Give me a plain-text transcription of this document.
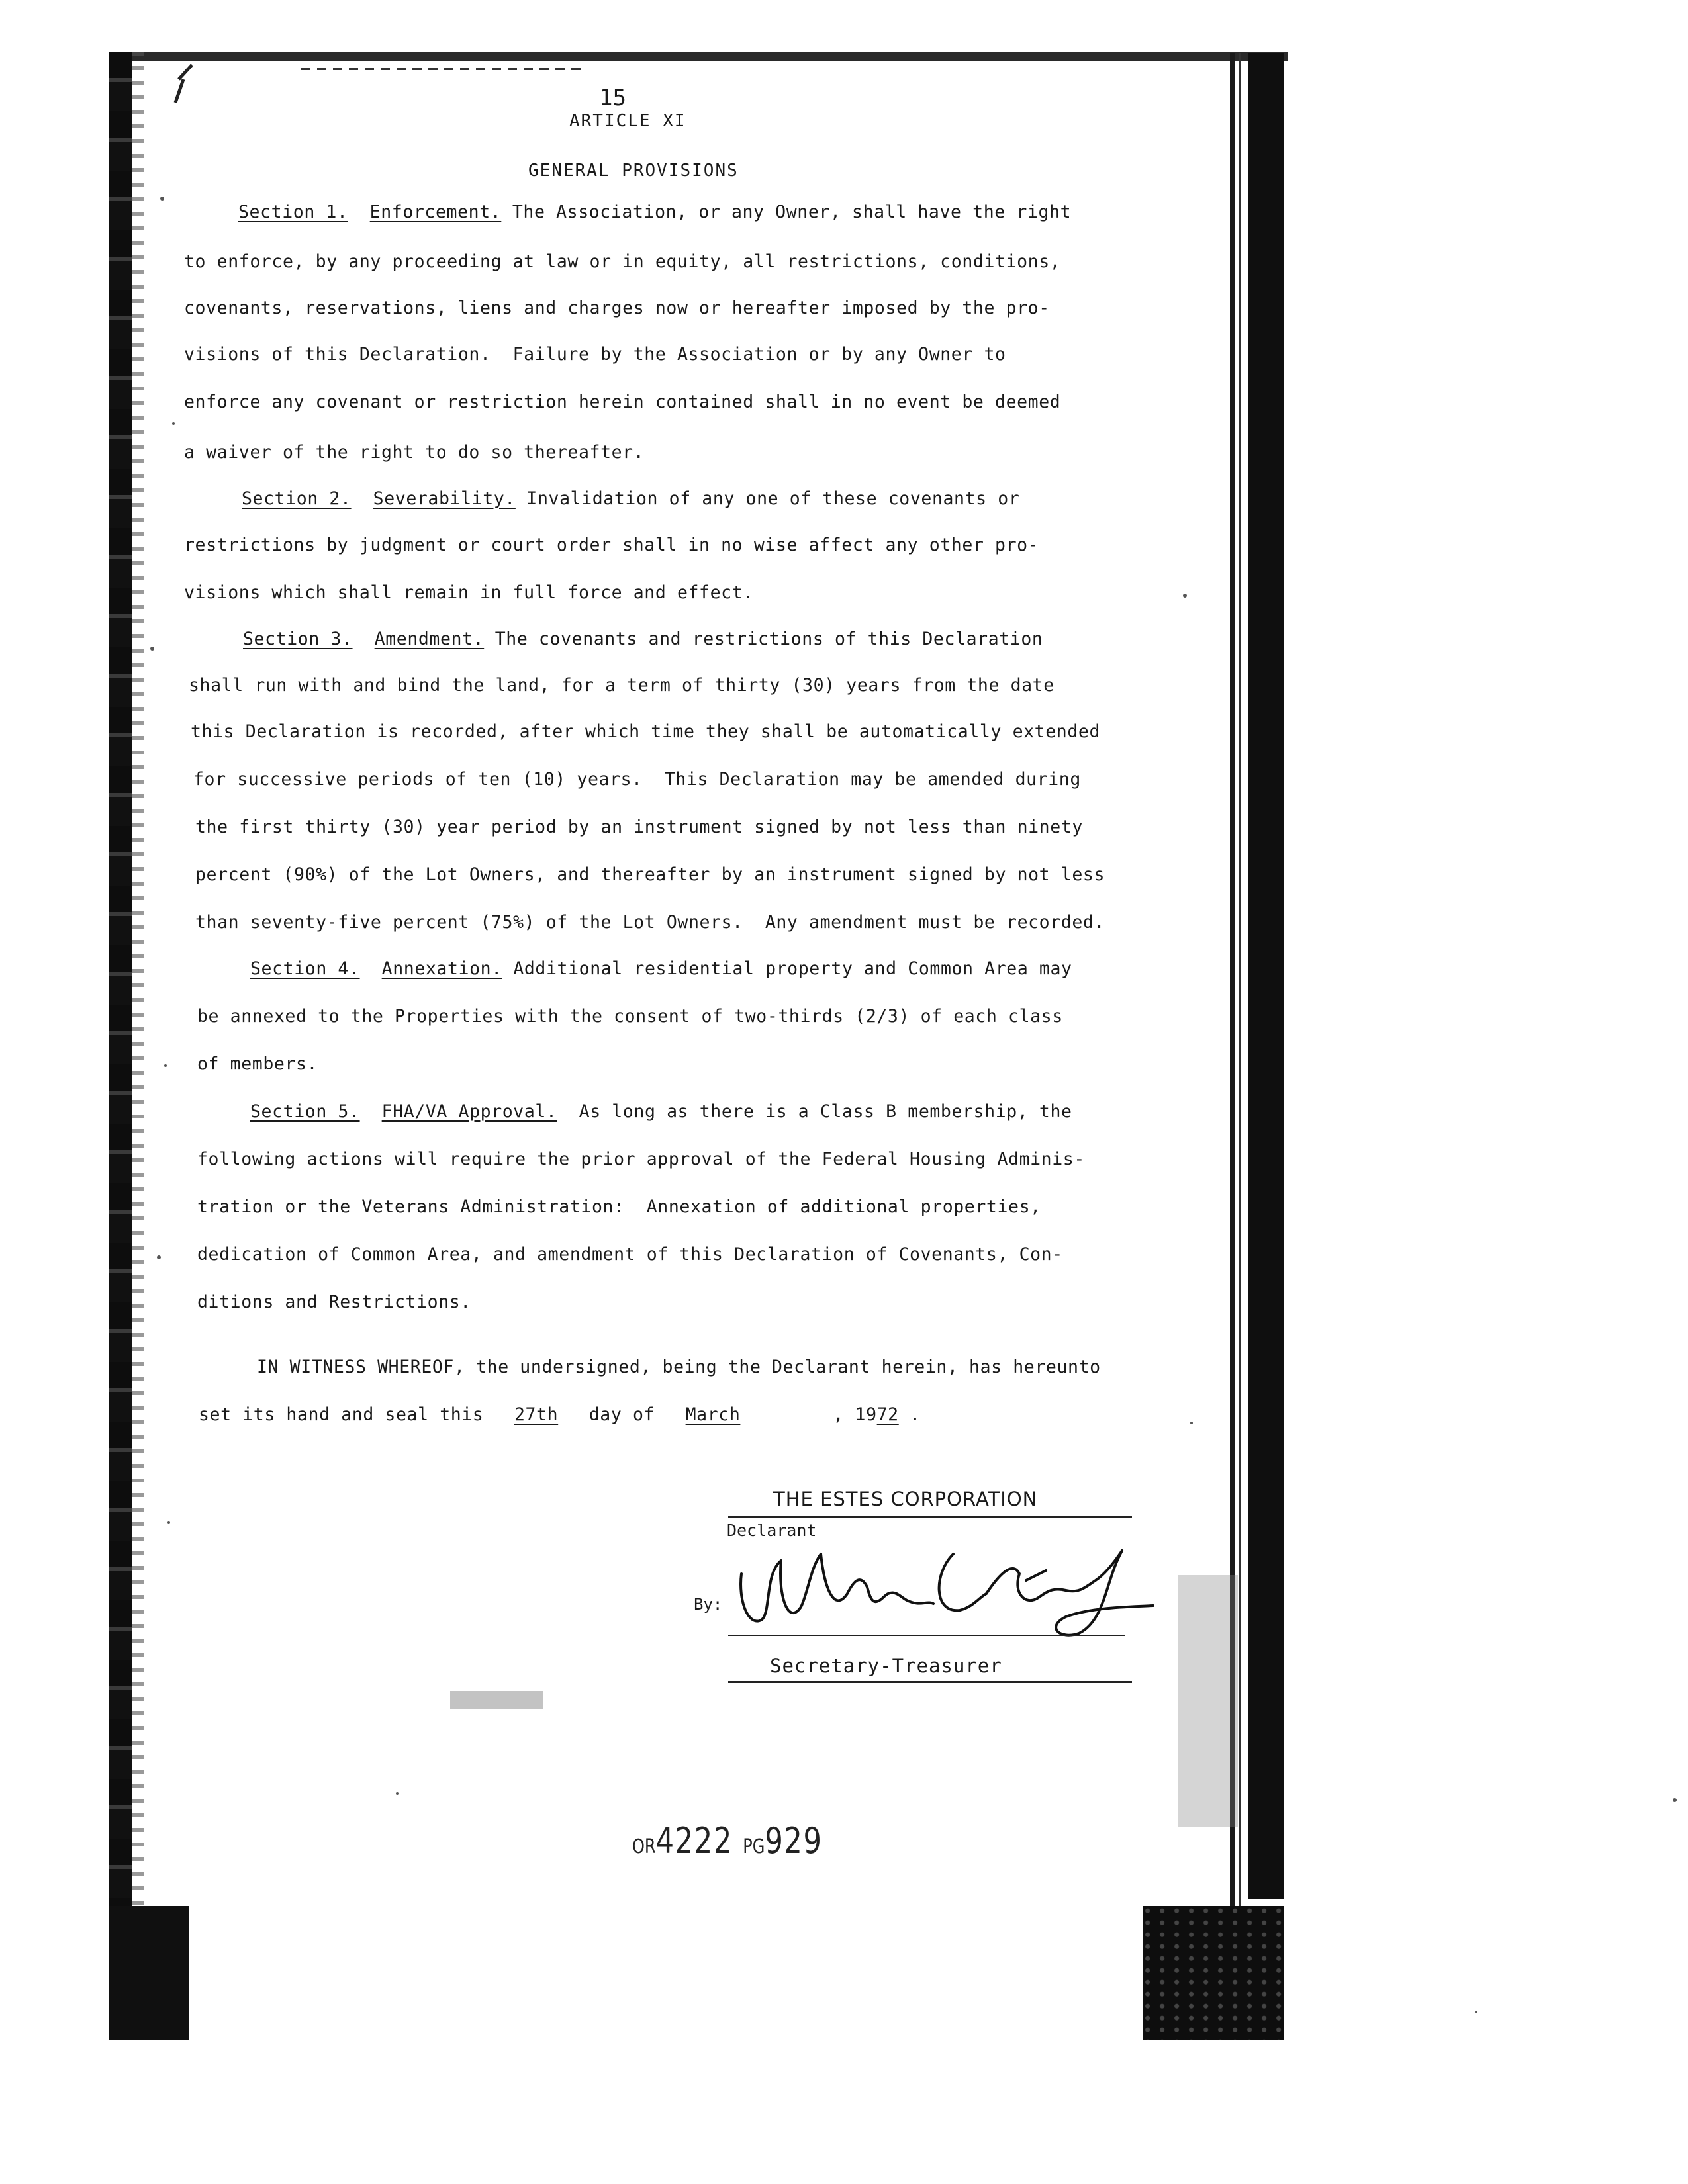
15
ARTICLE XI
GENERAL PROVISIONS
Section 1. Enforcement. The Association, or any Owner, shall have the right
to enforce, by any proceeding at law or in equity, all restrictions, conditions,
covenants, reservations, liens and charges now or hereafter imposed by the pro-
visions of this Declaration.  Failure by the Association or by any Owner to
enforce any covenant or restriction herein contained shall in no event be deemed
a waiver of the right to do so thereafter.
Section 2. Severability. Invalidation of any one of these covenants or
restrictions by judgment or court order shall in no wise affect any other pro-
visions which shall remain in full force and effect.
Section 3. Amendment. The covenants and restrictions of this Declaration
shall run with and bind the land, for a term of thirty (30) years from the date
this Declaration is recorded, after which time they shall be automatically extended
for successive periods of ten (10) years.  This Declaration may be amended during
the first thirty (30) year period by an instrument signed by not less than ninety
percent (90%) of the Lot Owners, and thereafter by an instrument signed by not less
than seventy-five percent (75%) of the Lot Owners.  Any amendment must be recorded.
Section 4. Annexation. Additional residential property and Common Area may
be annexed to the Properties with the consent of two-thirds (2/3) of each class
of members.
Section 5. FHA/VA Approval.  As long as there is a Class B membership, the
following actions will require the prior approval of the Federal Housing Adminis-
tration or the Veterans Administration:  Annexation of additional properties,
dedication of Common Area, and amendment of this Declaration of Covenants, Con-
ditions and Restrictions.
IN WITNESS WHEREOF, the undersigned, being the Declarant herein, has hereunto
set its hand and seal this 27th day of March	, 1972 .
THE ESTES CORPORATION
Declarant
By:
Secretary-Treasurer
OR4222 PG929
